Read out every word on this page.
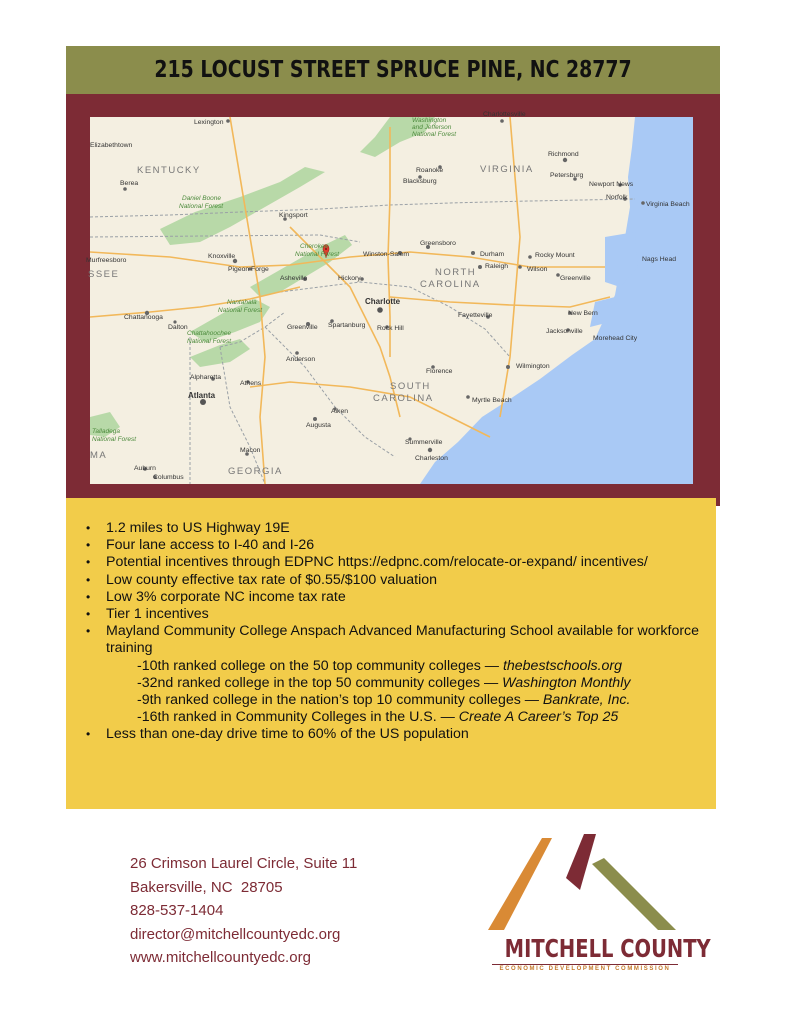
215 LOCUST STREET SPRUCE PINE, NC 28777
KENTUCKY	VIRGINIA
NORTH
CAROLINA
SOUTH
CAROLINA
GEORGIA
SSEE
MA
Daniel Boone
National Forest
Cherokee
National Forest
Nantahala
National Forest
Chattahoochee
National Forest
Talladega
National Forest
Washington
and Jefferson
National Forest
Lexington
Elizabethtown
Charlottesville
Richmond
Blacksburg
Roanoke
Petersburg
Newport News
Norfolk
Virginia Beach
Berea
Kingsport
Knoxville
Pigeon Forge
Asheville	Hickory
Winston-Salem
Greensboro
Durham
Raleigh
Rocky Mount
Wilson
Greenville
Nags Head
Charlotte
Rock Hill
Fayetteville	New Bern
Jacksonville
Morehead City
Chattanooga
Greenville Spartanburg
Anderson
Alpharetta
Athens
Atlanta
Florence
Wilmington
Myrtle Beach
Aiken
Augusta
Macon
Summerville
Charleston
Auburn
Columbus
Murfreesboro
Dalton
• 1.2 miles to US Highway 19E
• Four lane access to I-40 and I-26
• Potential incentives through EDPNC https://edpnc.com/relocate-or-expand/ incentives/
• Low county effective tax rate of $0.55/$100 valuation
• Low 3% corporate NC income tax rate
• Tier 1 incentives
• Mayland Community College Anspach Advanced Manufacturing School available for workforce training
-10th ranked college on the 50 top community colleges — thebestschools.org
-32nd ranked college in the top 50 community colleges — Washington Monthly
-9th ranked college in the nation’s top 10 community colleges — Bankrate, Inc.
-16th ranked in Community Colleges in the U.S. — Create A Career’s Top 25
• Less than one-day drive time to 60% of the US population
26 Crimson Laurel Circle, Suite 11
Bakersville, NC  28705
828-537-1404
director@mitchellcountyedc.org
www.mitchellcountyedc.org	MITCHELL COUNTY
ECONOMIC DEVELOPMENT COMMISSION
